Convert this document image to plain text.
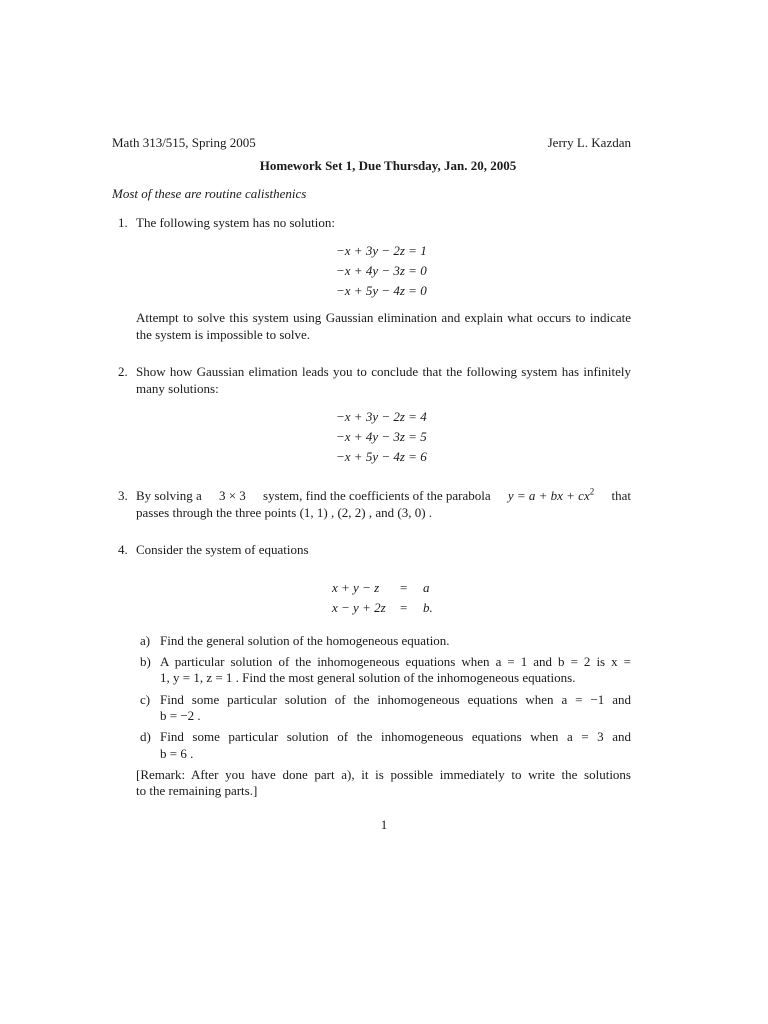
Math 313/515, Spring 2005	Jerry L. Kazdan
Homework Set 1, Due Thursday, Jan. 20, 2005
Most of these are routine calisthenics
1. The following system has no solution:
−x + 3y − 2z = 1
−x + 4y − 3z = 0
−x + 5y − 4z = 0
Attempt to solve this system using Gaussian elimination and explain what occurs to indicate the system is impossible to solve.
2. Show how Gaussian elimation leads you to conclude that the following system has infinitely many solutions:
−x + 3y − 2z = 4
−x + 4y − 3z = 5
−x + 5y − 4z = 6
3. By solving a 3 × 3 system, find the coefficients of the parabola y = a + bx + $cx^2$ that
passes through the three points (1, 1) , (2, 2) , and (3, 0) .
4. Consider the system of equations
x + y − z	= a
x − y + 2z	= b.
a) Find the general solution of the homogeneous equation.
b) A particular solution of the inhomogeneous equations when a = 1 and b = 2 is x =
1, y = 1, z = 1 . Find the most general solution of the inhomogeneous equations.
c) Find some particular solution of the inhomogeneous equations when a = −1 and
b = −2 .
d) Find some particular solution of the inhomogeneous equations when a = 3 and
b = 6 .
[Remark: After you have done part a), it is possible immediately to write the solutions
to the remaining parts.]
1
